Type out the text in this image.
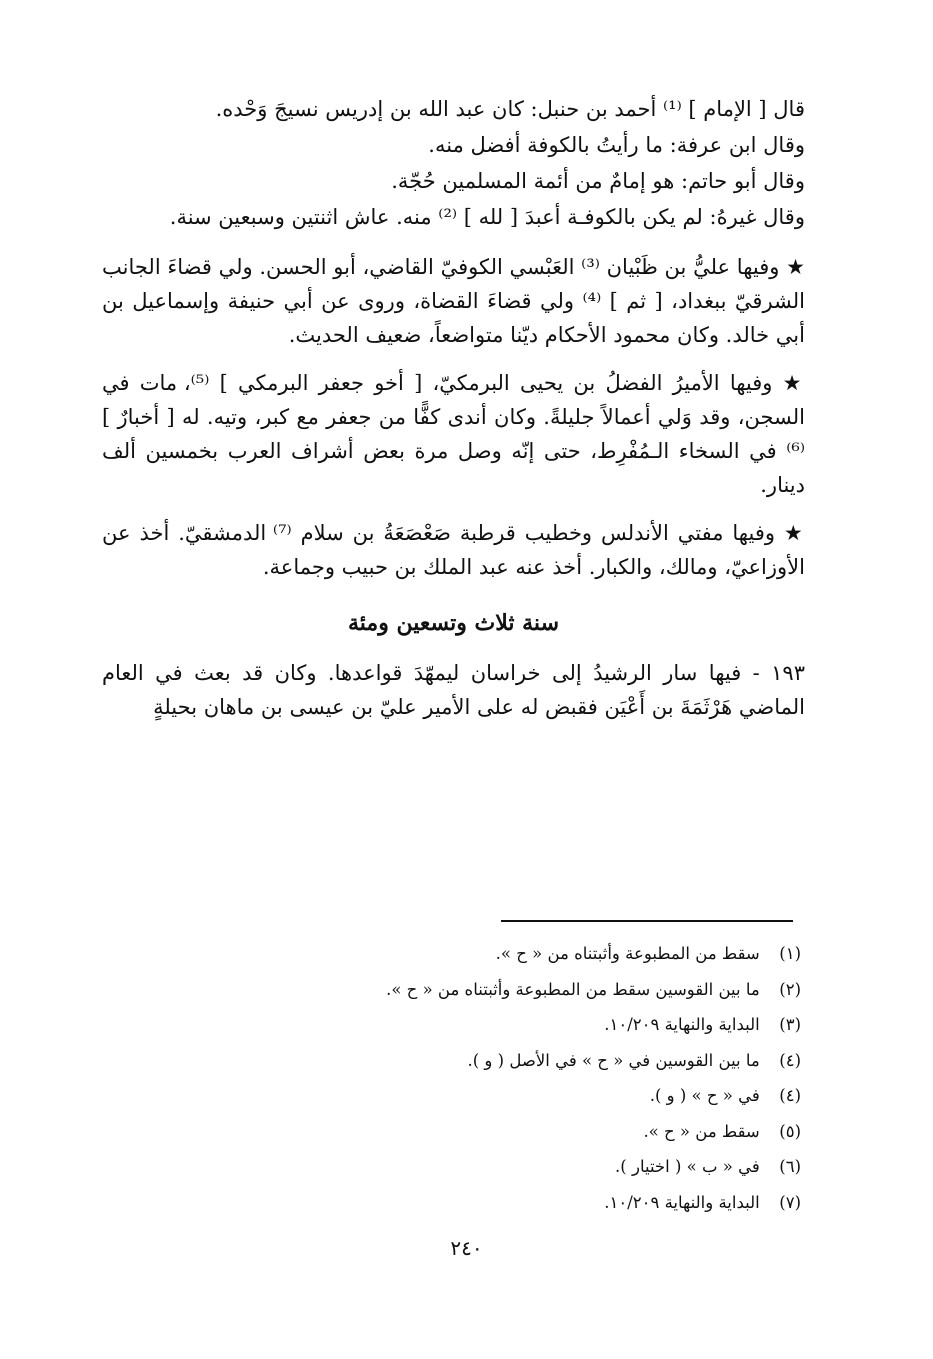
قال [ الإمام ] ⁽¹⁾ أحمد بن حنبل: كان عبد الله بن إدريس نسيجَ وَحْده.
وقال ابن عرفة: ما رأيتُ بالكوفة أفضل منه.
وقال أبو حاتم: هو إمامٌ من أئمة المسلمين حُجّة.
وقال غيرهُ: لم يكن بالكوفـة أعبدَ [ لله ] ⁽²⁾ منه. عاش اثنتين وسبعين سنة.

★ وفيها عليُّ بن ظَبْيان ⁽³⁾ العَبْسي الكوفيّ القاضي، أبو الحسن. ولي قضاءَ الجانب الشرقيّ ببغداد، [ ثم ] ⁽⁴⁾ ولي قضاءَ القضاة، وروى عن أبي حنيفة وإسماعيل بن أبي خالد. وكان محمود الأحكام ديّنا متواضعاً، ضعيف الحديث.

★ وفيها الأميرُ الفضلُ بن يحيى البرمكيّ، [ أخو جعفر البرمكي ] ⁽⁵⁾، مات في السجن، وقد وَلي أعمالاً جليلةً. وكان أندى كفًّا من جعفر مع كبر، وتيه. له [ أخبارٌ ] ⁽⁶⁾ في السخاء الـمُفْرِط، حتى إنّه وصل مرة بعض أشراف العرب بخمسين ألف دينار.

★ وفيها مفتي الأندلس وخطيب قرطبة صَعْصَعَةُ بن سلام ⁽⁷⁾ الدمشقيّ. أخذ عن الأوزاعيّ، ومالك، والكبار. أخذ عنه عبد الملك بن حبيب وجماعة.

سنة ثلاث وتسعين ومئة

١٩٣ - فيها سار الرشيدُ إلى خراسان ليمهّدَ قواعدها. وكان قد بعث في العام الماضي هَرْثَمَةَ بن أَعْيَن فقبض له على الأمير عليّ بن عيسى بن ماهان بحيلةٍ

(١) سقط من المطبوعة وأثبتناه من « ح ».
(٢) ما بين القوسين سقط من المطبوعة وأثبتناه من « ح ».
(٣) البداية والنهاية ١٠/٢٠٩.
(٤) ما بين القوسين في « ح » في الأصل ( و ).
(٤) في « ح » ( و ).
(٥) سقط من « ح ».
(٦) في « ب » ( اختيار ).
(٧) البداية والنهاية ١٠/٢٠٩.
٢٤٠
